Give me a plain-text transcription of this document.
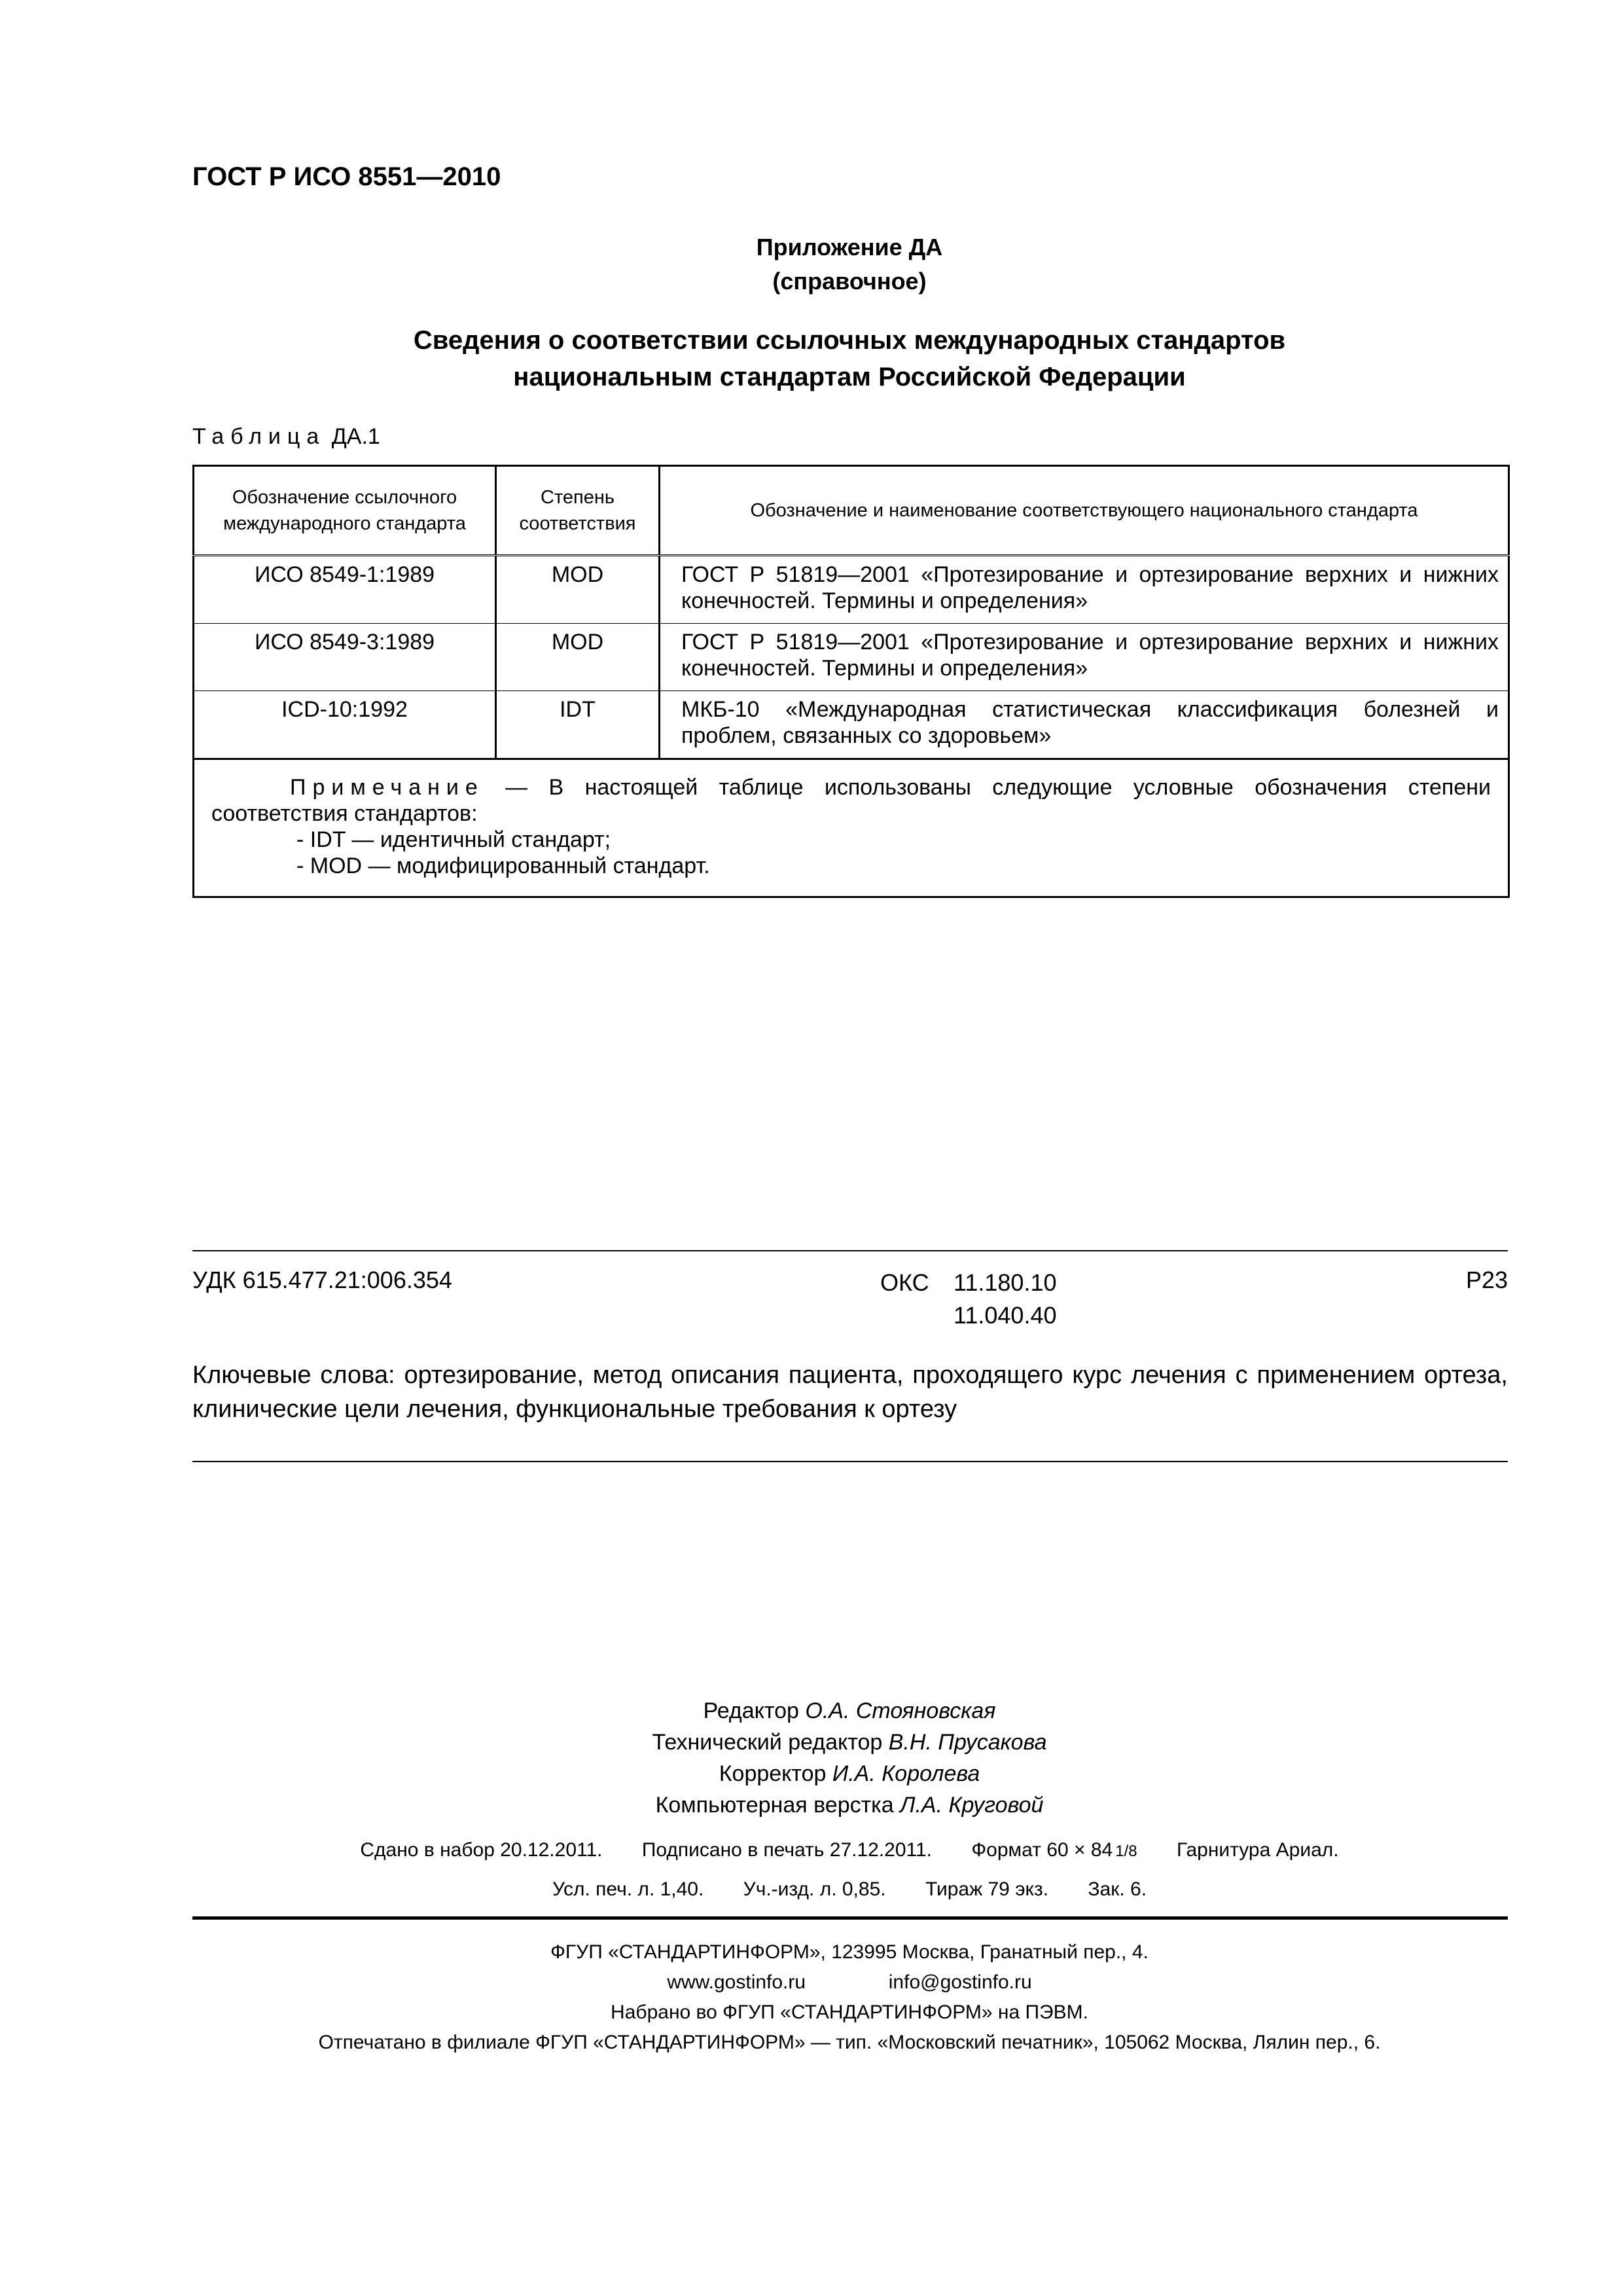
ГОСТ Р ИСО 8551—2010
Приложение ДА
(справочное)
Сведения о соответствии ссылочных международных стандартов
национальным стандартам Российской Федерации
Таблица ДА.1
Обозначение ссылочного международного стандарта	Степень соответствия	Обозначение и наименование соответствующего национального стандарта
ИСО 8549-1:1989	MOD	ГОСТ Р 51819—2001 «Протезирование и ортезирование верхних и нижних конечностей. Термины и определения»
ИСО 8549-3:1989	MOD	ГОСТ Р 51819—2001 «Протезирование и ортезирование верхних и нижних конечностей. Термины и определения»
ICD-10:1992	IDT	МКБ-10 «Международная статистическая классификация болезней и проблем, связанных со здоровьем»

Примечание — В настоящей таблице использованы следующие условные обозначения степени соответствия стандартов:
- IDT — идентичный стандарт;
- MOD — модифицированный стандарт.		
УДК 615.477.21:006.354	ОКС 11.180.10
11.040.40
Р23
Ключевые слова: ортезирование, метод описания пациента, проходящего курс лечения с применением ортеза, клинические цели лечения, функциональные требования к ортезу
Редактор О.А. Стояновская
Технический редактор В.Н. Прусакова
Корректор И.А. Королева
Компьютерная верстка Л.А. Круговой
Сдано в набор 20.12.2011. Подписано в печать 27.12.2011. Формат 60 × 84 1/8 Гарнитура Ариал.
Усл. печ. л. 1,40. Уч.-изд. л. 0,85. Тираж 79 экз. Зак. 6.
ФГУП «СТАНДАРТИНФОРМ», 123995 Москва, Гранатный пер., 4.
www.gostinfo.ru	info@gostinfo.ru
Набрано во ФГУП «СТАНДАРТИНФОРМ» на ПЭВМ.
Отпечатано в филиале ФГУП «СТАНДАРТИНФОРМ» — тип. «Московский печатник», 105062 Москва, Лялин пер., 6.
